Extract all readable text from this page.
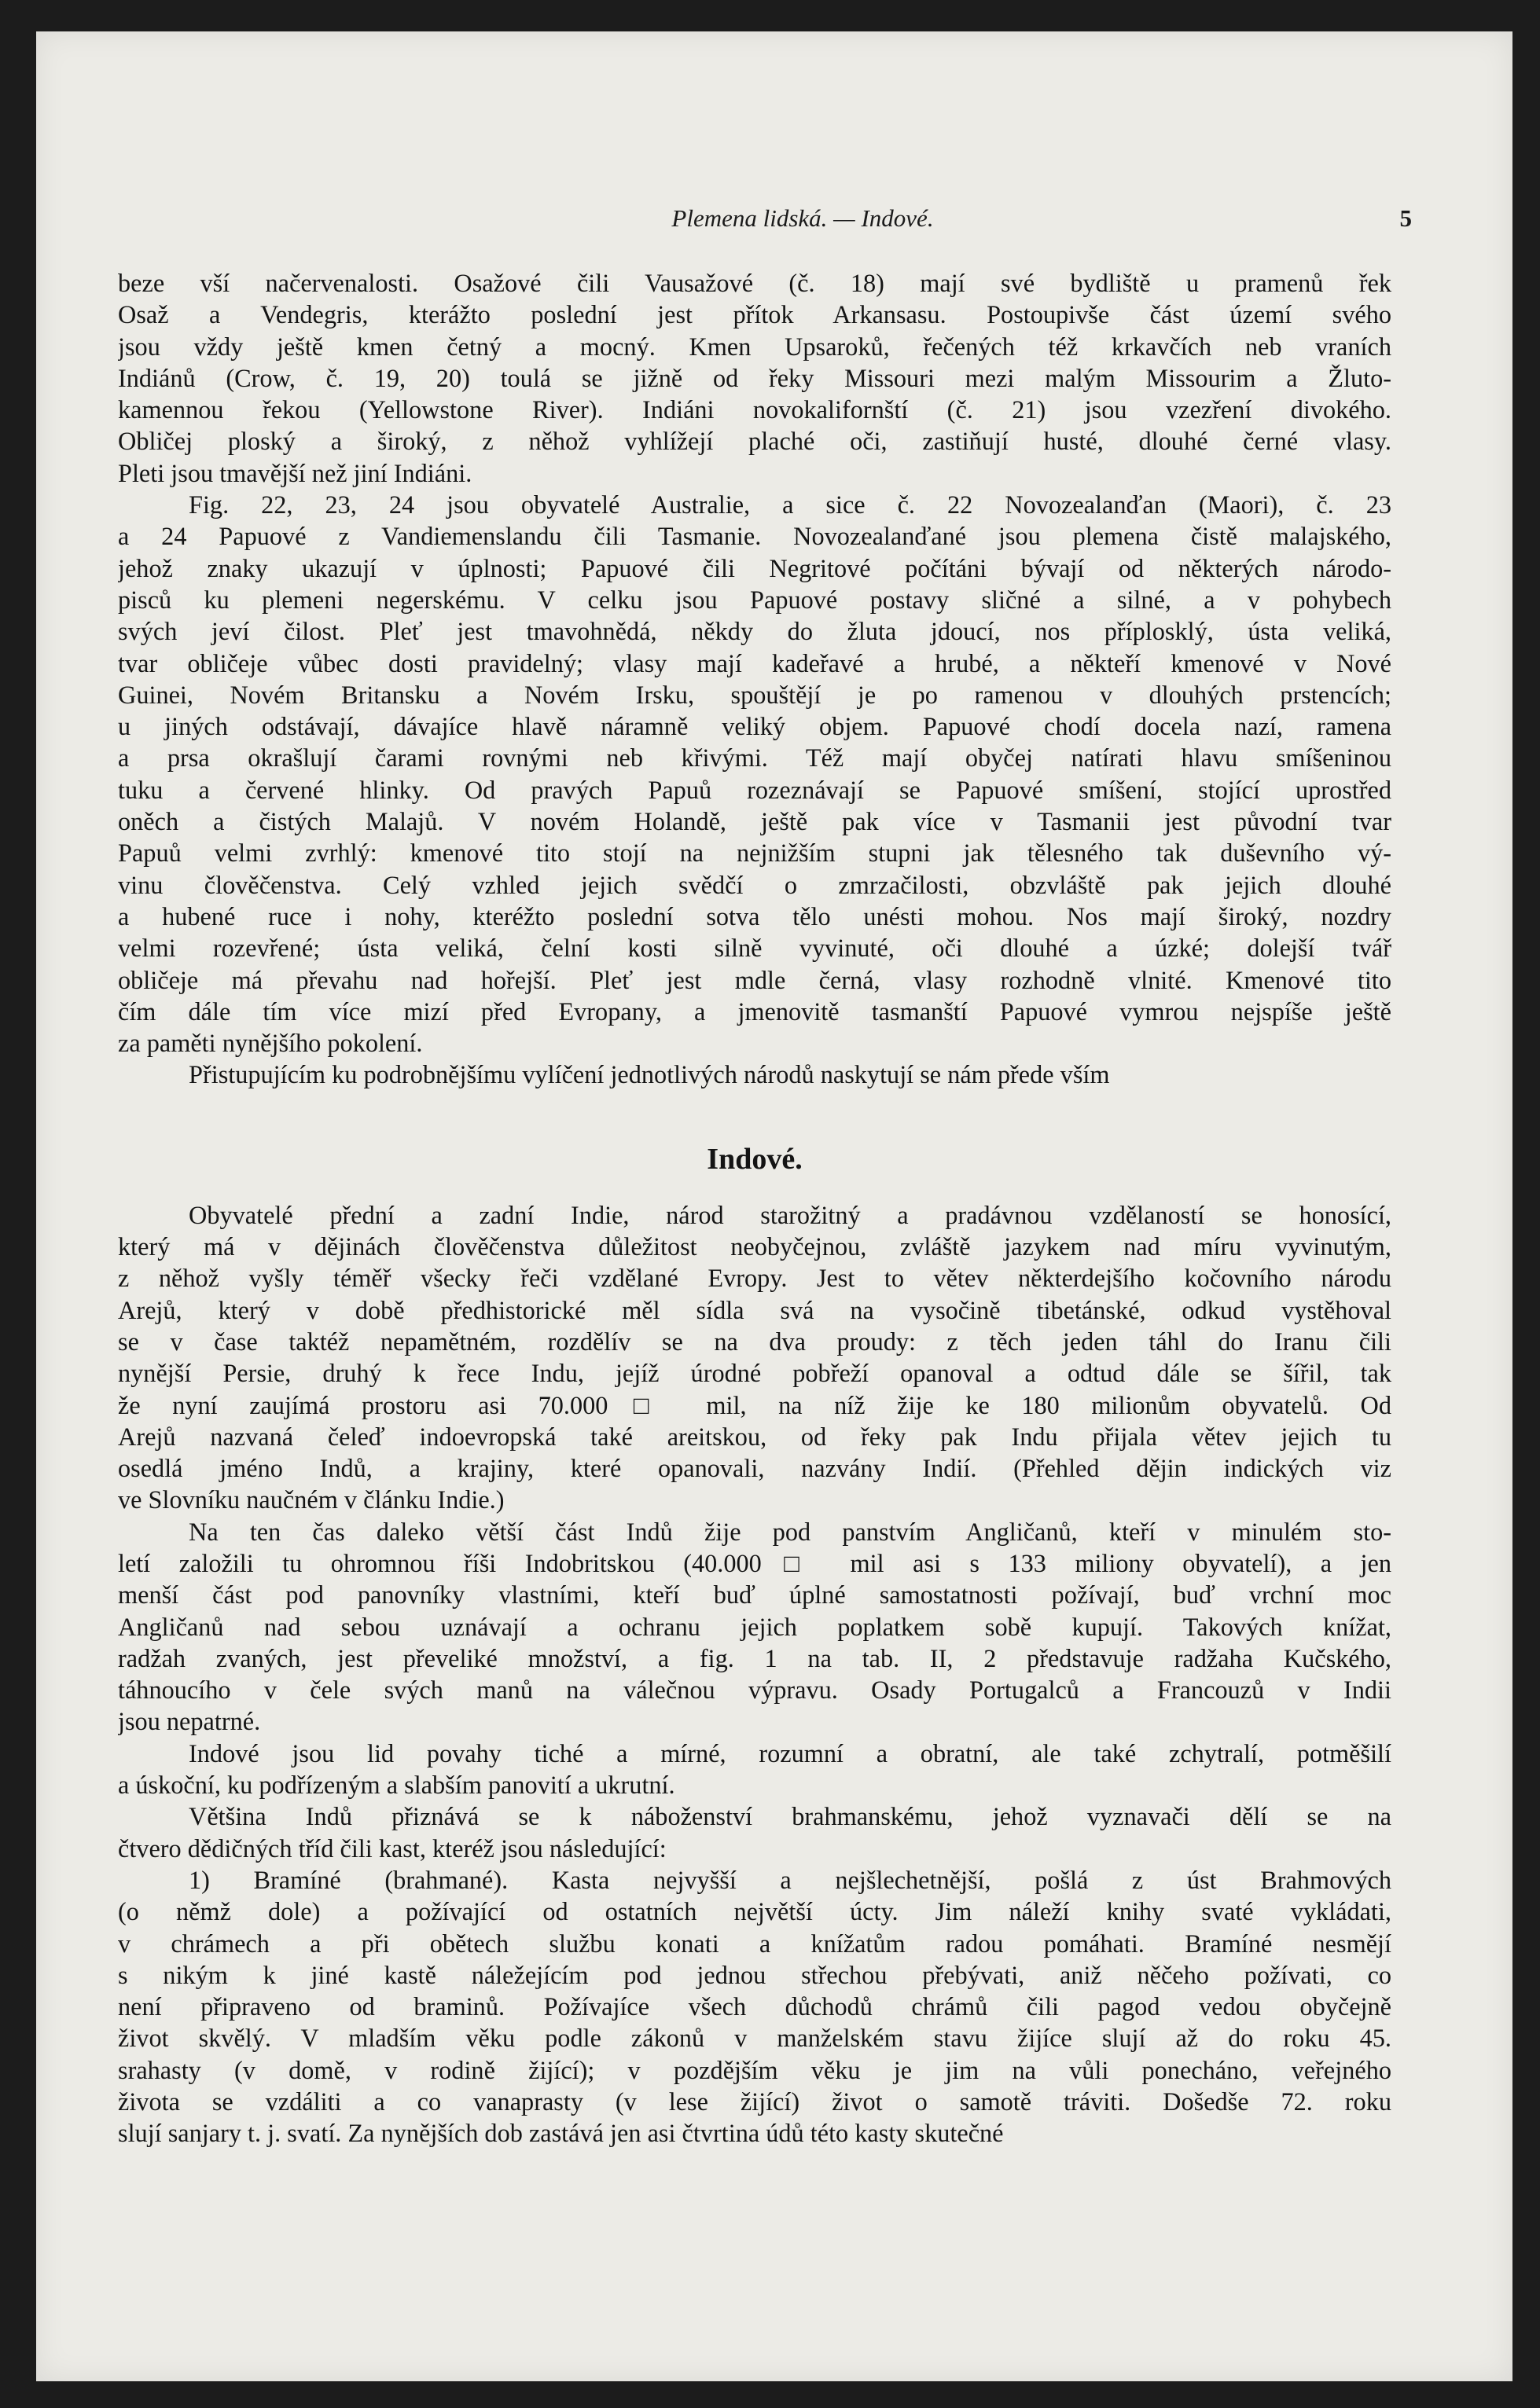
Plemena lidská. — Indové.	5

beze vší načervenalosti. Osažové čili Vausažové (č. 18) mají své bydliště u pramenů řek
Osaž a Vendegris, kterážto poslední jest přítok Arkansasu. Postoupivše část území svého
jsou vždy ještě kmen četný a mocný. Kmen Upsaroků, řečených též krkavčích neb vraních
Indiánů (Crow, č. 19, 20) toulá se jižně od řeky Missouri mezi malým Missourim a Žluto-
kamennou řekou (Yellowstone River). Indiáni novokalifornští (č. 21) jsou vzezření divokého.
Obličej ploský a široký, z něhož vyhlížejí plaché oči, zastiňují husté, dlouhé černé vlasy.
Pleti jsou tmavější než jiní Indiáni.

Fig. 22, 23, 24 jsou obyvatelé Australie, a sice č. 22 Novozealanďan (Maori), č. 23
a 24 Papuové z Vandiemenslandu čili Tasmanie. Novozealanďané jsou plemena čistě malajského,
jehož znaky ukazují v úplnosti; Papuové čili Negritové počítáni bývají od některých národo-
pisců ku plemeni negerskému. V celku jsou Papuové postavy sličné a silné, a v pohybech
svých jeví čilost. Pleť jest tmavohnědá, někdy do žluta jdoucí, nos příplosklý, ústa veliká,
tvar obličeje vůbec dosti pravidelný; vlasy mají kadeřavé a hrubé, a někteří kmenové v Nové
Guinei, Novém Britansku a Novém Irsku, spouštějí je po ramenou v dlouhých prstencích;
u jiných odstávají, dávajíce hlavě náramně veliký objem. Papuové chodí docela nazí, ramena
a prsa okrašlují čarami rovnými neb křivými. Též mají obyčej natírati hlavu smíšeninou
tuku a červené hlinky. Od pravých Papuů rozeznávají se Papuové smíšení, stojící uprostřed
oněch a čistých Malajů. V novém Holandě, ještě pak více v Tasmanii jest původní tvar
Papuů velmi zvrhlý: kmenové tito stojí na nejnižším stupni jak tělesného tak duševního vý-
vinu člověčenstva. Celý vzhled jejich svědčí o zmrzačilosti, obzvláště pak jejich dlouhé
a hubené ruce i nohy, kteréžto poslední sotva tělo unésti mohou. Nos mají široký, nozdry
velmi rozevřené; ústa veliká, čelní kosti silně vyvinuté, oči dlouhé a úzké; dolejší tvář
obličeje má převahu nad hořejší. Pleť jest mdle černá, vlasy rozhodně vlnité. Kmenové tito
čím dále tím více mizí před Evropany, a jmenovitě tasmanští Papuové vymrou nejspíše ještě
za paměti nynějšího pokolení.

Přistupujícím ku podrobnějšímu vylíčení jednotlivých národů naskytují se nám přede vším

Indové.

Obyvatelé přední a zadní Indie, národ starožitný a pradávnou vzdělaností se honosící,
který má v dějinách člověčenstva důležitost neobyčejnou, zvláště jazykem nad míru vyvinutým,
z něhož vyšly téměř všecky řeči vzdělané Evropy. Jest to větev některdejšího kočovního národu
Arejů, který v době předhistorické měl sídla svá na vysočině tibetánské, odkud vystěhoval
se v čase taktéž nepamětném, rozdělív se na dva proudy: z těch jeden táhl do Iranu čili
nynější Persie, druhý k řece Indu, jejíž úrodné pobřeží opanoval a odtud dále se šířil, tak
že nyní zaujímá prostoru asi 70.000□ mil, na níž žije ke 180 milionům obyvatelů. Od
Arejů nazvaná čeleď indoevropská také areitskou, od řeky pak Indu přijala větev jejich tu
osedlá jméno Indů, a krajiny, které opanovali, nazvány Indií. (Přehled dějin indických viz
ve Slovníku naučném v článku Indie.)

Na ten čas daleko větší část Indů žije pod panstvím Angličanů, kteří v minulém sto-
letí založili tu ohromnou říši Indobritskou (40.000□ mil asi s 133 miliony obyvatelí), a jen
menší část pod panovníky vlastními, kteří buď úplné samostatnosti požívají, buď vrchní moc
Angličanů nad sebou uznávají a ochranu jejich poplatkem sobě kupují. Takových knížat,
radžah zvaných, jest převeliké množství, a fig. 1 na tab. II, 2 představuje radžaha Kučského,
táhnoucího v čele svých manů na válečnou výpravu. Osady Portugalců a Francouzů v Indii
jsou nepatrné.

Indové jsou lid povahy tiché a mírné, rozumní a obratní, ale také zchytralí, potměšilí
a úskoční, ku podřízeným a slabším panovití a ukrutní.

Většina Indů přiznává se k náboženství brahmanskému, jehož vyznavači dělí se na
čtvero dědičných tříd čili kast, kteréž jsou následující:

1) Bramíné (brahmané). Kasta nejvyšší a nejšlechetnější, pošlá z úst Brahmových
(o němž dole) a požívající od ostatních největší úcty. Jim náleží knihy svaté vykládati,
v chrámech a při obětech službu konati a knížatům radou pomáhati. Bramíné nesmějí
s nikým k jiné kastě náležejícím pod jednou střechou přebývati, aniž něčeho požívati, co
není připraveno od braminů. Požívajíce všech důchodů chrámů čili pagod vedou obyčejně
život skvělý. V mladším věku podle zákonů v manželském stavu žijíce slují až do roku 45.
srahasty (v domě, v rodině žijící); v pozdějším věku je jim na vůli ponecháno, veřejného
života se vzdáliti a co vanaprasty (v lese žijící) život o samotě tráviti. Došedše 72. roku
slují sanjary t. j. svatí. Za nynějších dob zastává jen asi čtvrtina údů této kasty skutečné
